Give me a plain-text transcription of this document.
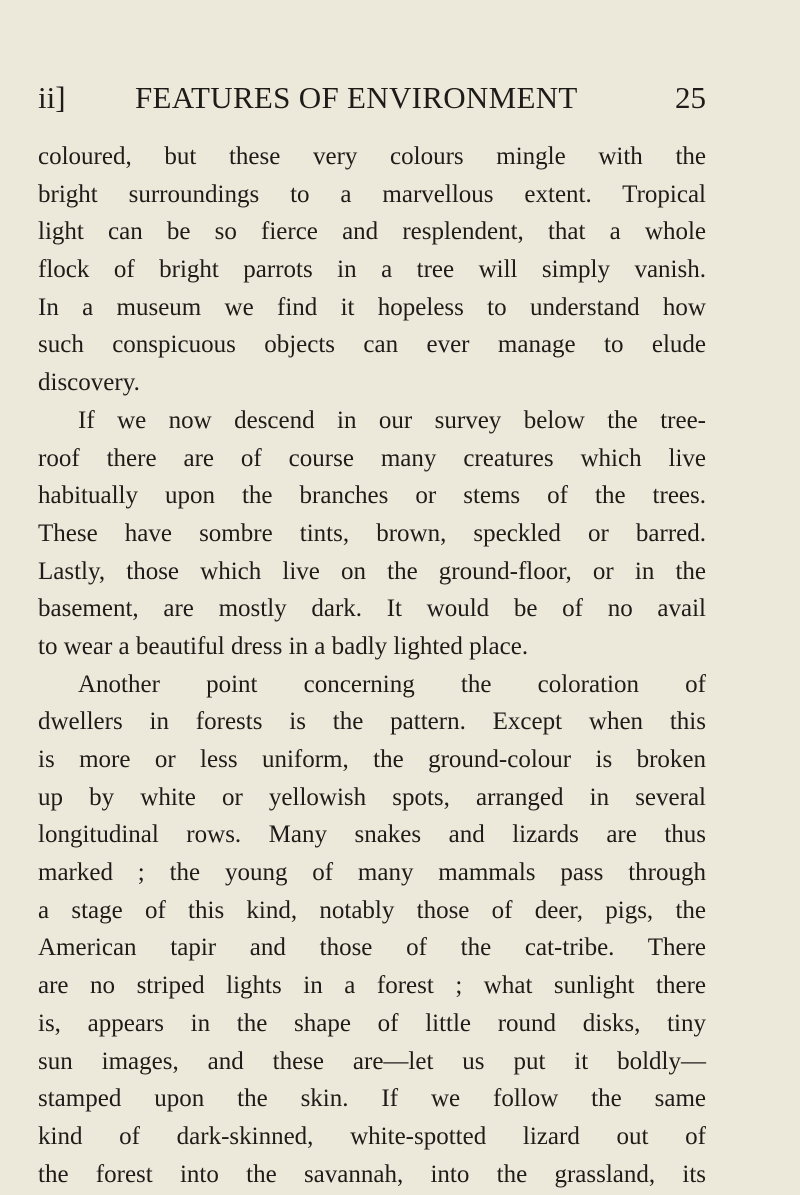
ii] FEATURES OF ENVIRONMENT	25
coloured, but these very colours mingle with the
bright surroundings to a marvellous extent. Tropical
light can be so fierce and resplendent, that a whole
flock of bright parrots in a tree will simply vanish.
In a museum we find it hopeless to understand how
such conspicuous objects can ever manage to elude
discovery.
If we now descend in our survey below the tree-
roof there are of course many creatures which live
habitually upon the branches or stems of the trees.
These have sombre tints, brown, speckled or barred.
Lastly, those which live on the ground-floor, or in the
basement, are mostly dark. It would be of no avail
to wear a beautiful dress in a badly lighted place.
Another point concerning the coloration of
dwellers in forests is the pattern. Except when this
is more or less uniform, the ground-colour is broken
up by white or yellowish spots, arranged in several
longitudinal rows. Many snakes and lizards are thus
marked ; the young of many mammals pass through
a stage of this kind, notably those of deer, pigs, the
American tapir and those of the cat-tribe. There
are no striped lights in a forest ; what sunlight there
is, appears in the shape of little round disks, tiny
sun images, and these are—let us put it boldly—
stamped upon the skin. If we follow the same
kind of dark-skinned, white-spotted lizard out of
the forest into the savannah, into the grassland, its
